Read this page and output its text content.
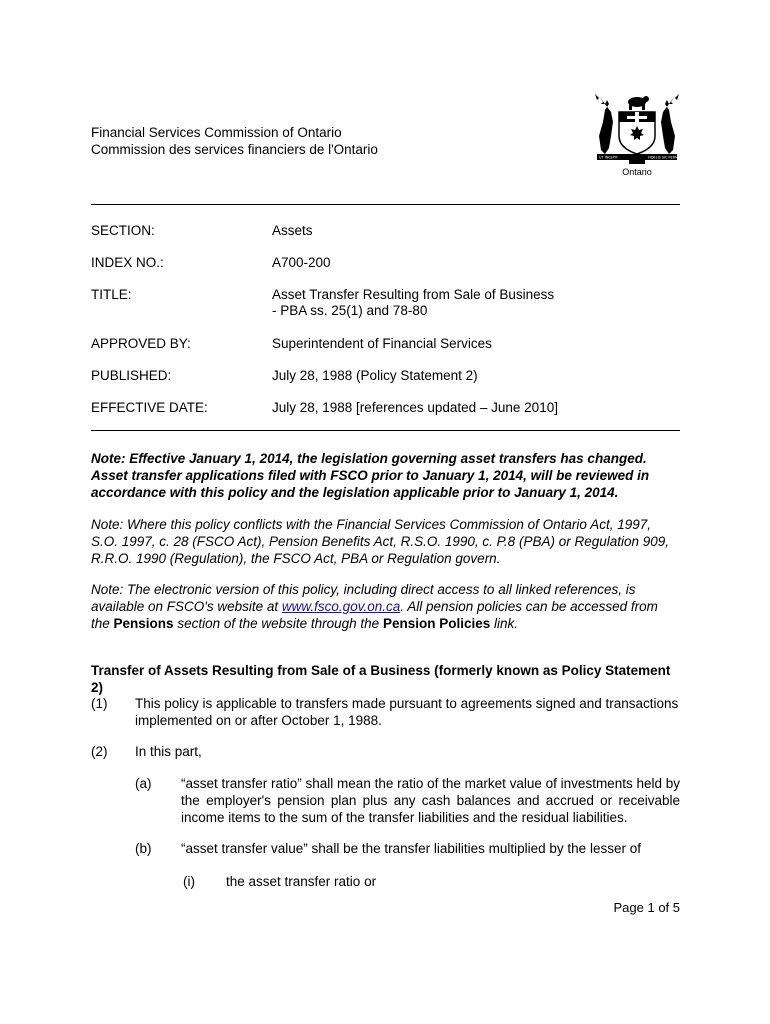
Financial Services Commission of Ontario
Commission des services financiers de l'Ontario
UT INCEPIT	FIDELIS SIC PERMANET
Ontario
SECTION:	Assets
INDEX NO.:	A700-200
TITLE:	Asset Transfer Resulting from Sale of Business
- PBA ss. 25(1) and 78-80
APPROVED BY:	Superintendent of Financial Services
PUBLISHED:	July 28, 1988 (Policy Statement 2)
EFFECTIVE DATE:	July 28, 1988 [references updated – June 2010]
Note: Effective January 1, 2014, the legislation governing asset transfers has changed. Asset transfer applications filed with FSCO prior to January 1, 2014, will be reviewed in accordance with this policy and the legislation applicable prior to January 1, 2014.
Note: Where this policy conflicts with the Financial Services Commission of Ontario Act, 1997, S.O. 1997, c. 28 (FSCO Act), Pension Benefits Act, R.S.O. 1990, c. P.8 (PBA) or Regulation 909, R.R.O. 1990 (Regulation), the FSCO Act, PBA or Regulation govern.
Note: The electronic version of this policy, including direct access to all linked references, is available on FSCO's website at www.fsco.gov.on.ca. All pension policies can be accessed from the Pensions section of the website through the Pension Policies link.
Transfer of Assets Resulting from Sale of a Business (formerly known as Policy Statement 2)
(1) This policy is applicable to transfers made pursuant to agreements signed and transactions implemented on or after October 1, 1988.
(2) In this part,
(a) “asset transfer ratio” shall mean the ratio of the market value of investments held by the employer's pension plan plus any cash balances and accrued or receivable income items to the sum of the transfer liabilities and the residual liabilities.
(b) “asset transfer value” shall be the transfer liabilities multiplied by the lesser of
(i) the asset transfer ratio or
Page 1 of 5
